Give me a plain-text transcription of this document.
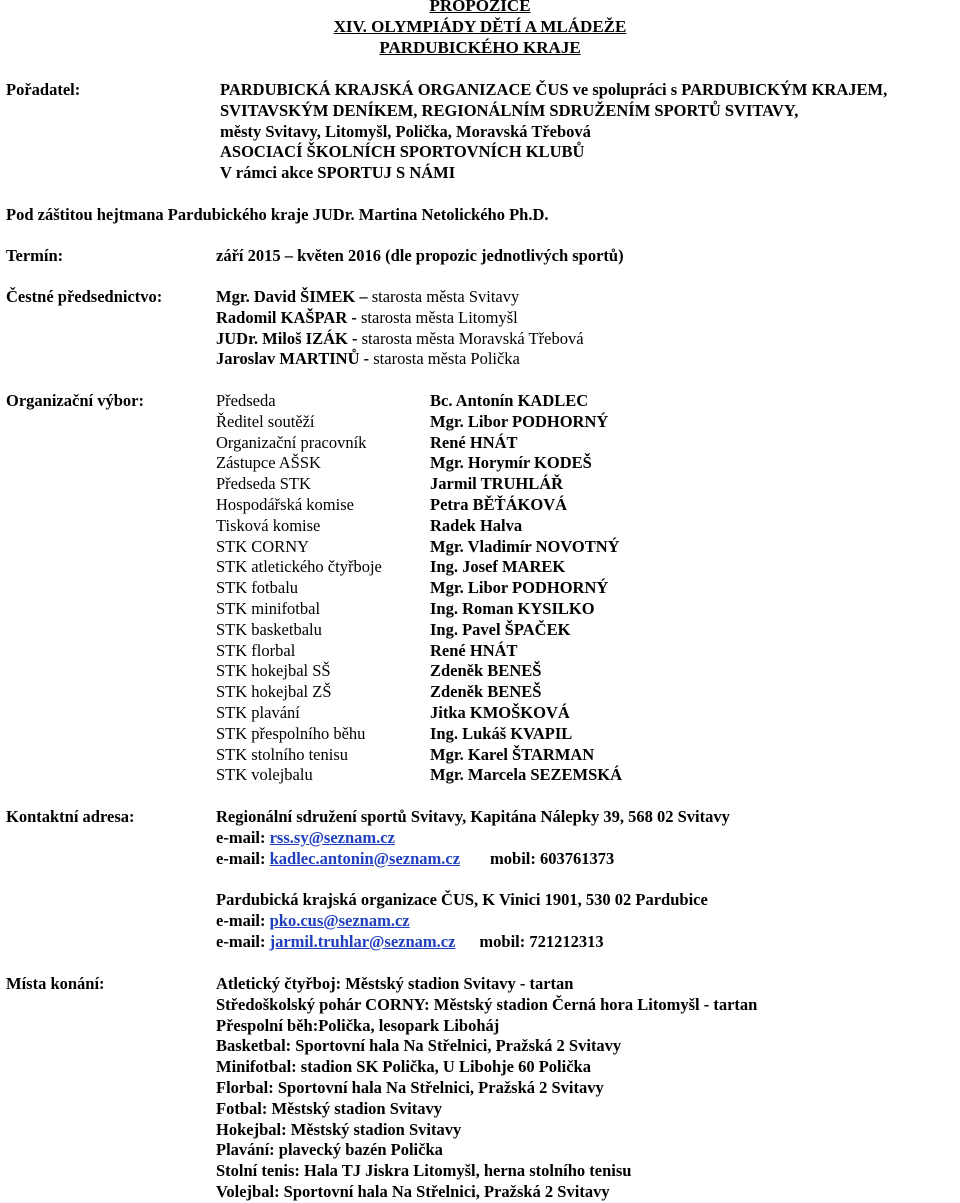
PROPOZICE
XIV. OLYMPIÁDY DĚTÍ A MLÁDEŽE
PARDUBICKÉHO KRAJE
Pořadatel:	PARDUBICKÁ KRAJSKÁ ORGANIZACE ČUS ve spolupráci s PARDUBICKÝM KRAJEM,
SVITAVSKÝM DENÍKEM, REGIONÁLNÍM SDRUŽENÍM SPORTŮ SVITAVY,
městy Svitavy, Litomyšl, Polička, Moravská Třebová
ASOCIACÍ ŠKOLNÍCH SPORTOVNÍCH KLUBŮ
V rámci akce SPORTUJ S NÁMI
Pod záštitou hejtmana Pardubického kraje JUDr. Martina Netolického Ph.D.
Termín:	září 2015 – květen 2016 (dle propozic jednotlivých sportů)
Čestné předsednictvo:	Mgr. David ŠIMEK – starosta města Svitavy
Radomil KAŠPAR - starosta města Litomyšl
JUDr. Miloš IZÁK - starosta města Moravská Třebová
Jaroslav MARTINŮ - starosta města Polička
Organizační výbor:	Předseda	Bc. Antonín KADLEC
Ředitel soutěží	Mgr. Libor PODHORNÝ
Organizační pracovník	René HNÁT
Zástupce AŠSK	Mgr. Horymír KODEŠ
Předseda STK	Jarmil TRUHLÁŘ
Hospodářská komise	Petra BĚŤÁKOVÁ
Tisková komise	Radek Halva
STK CORNY	Mgr. Vladimír NOVOTNÝ
STK atletického čtyřboje	Ing. Josef MAREK
STK fotbalu	Mgr. Libor PODHORNÝ
STK minifotbal	Ing. Roman KYSILKO
STK basketbalu	Ing. Pavel ŠPAČEK
STK florbal	René HNÁT
STK hokejbal SŠ	Zdeněk BENEŠ
STK hokejbal ZŠ	Zdeněk BENEŠ
STK plavání	Jitka KMOŠKOVÁ
STK přespolního běhu	Ing. Lukáš KVAPIL
STK stolního tenisu	Mgr. Karel ŠTARMAN
STK volejbalu	Mgr. Marcela SEZEMSKÁ
Kontaktní adresa:	Regionální sdružení sportů Svitavy, Kapitána Nálepky 39, 568 02 Svitavy
e-mail: rss.sy@seznam.cz
e-mail: kadlec.antonin@seznam.cz mobil: 603761373
Pardubická krajská organizace ČUS, K Vinici 1901, 530 02 Pardubice
e-mail: pko.cus@seznam.cz
e-mail: jarmil.truhlar@seznam.cz mobil: 721212313
Místa konání:	Atletický čtyřboj: Městský stadion Svitavy - tartan
Středoškolský pohár CORNY: Městský stadion Černá hora Litomyšl - tartan
Přespolní běh:Polička, lesopark Liboháj
Basketbal: Sportovní hala Na Střelnici, Pražská 2 Svitavy
Minifotbal: stadion SK Polička, U Libohje 60 Polička
Florbal: Sportovní hala Na Střelnici, Pražská 2 Svitavy
Fotbal: Městský stadion Svitavy
Hokejbal: Městský stadion Svitavy
Plavání: plavecký bazén Polička
Stolní tenis: Hala TJ Jiskra Litomyšl, herna stolního tenisu
Volejbal: Sportovní hala Na Střelnici, Pražská 2 Svitavy
